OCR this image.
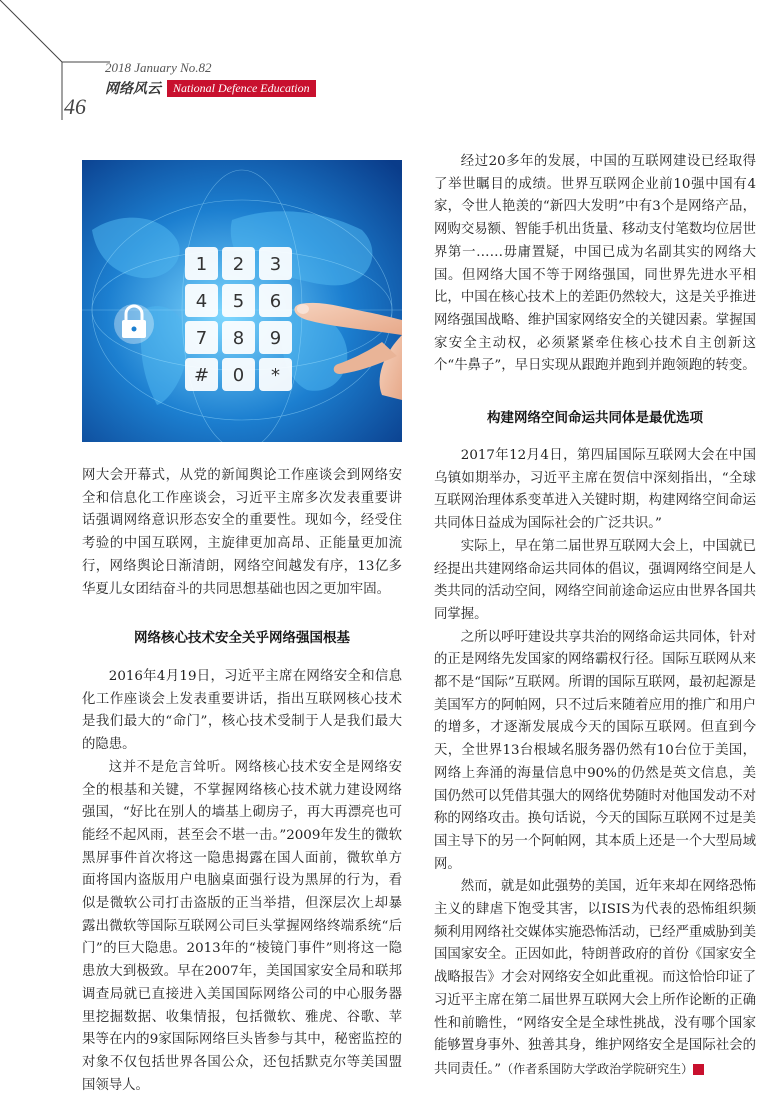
2018 January No.82
网络风云	National Defence Education
46
1 2 3
4 5 6
7 8 9
# 0 *

网大会开幕式，从党的新闻舆论工作座谈会到网络安全和信息化工作座谈会，习近平主席多次发表重要讲话强调网络意识形态安全的重要性。现如今，经受住考验的中国互联网，主旋律更加高昂、正能量更加流行，网络舆论日渐清朗，网络空间越发有序，13亿多华夏儿女团结奋斗的共同思想基础也因之更加牢固。

网络核心技术安全关乎网络强国根基

2016年4月19日，习近平主席在网络安全和信息化工作座谈会上发表重要讲话，指出互联网核心技术是我们最大的“命门”，核心技术受制于人是我们最大的隐患。

这并不是危言耸听。网络核心技术安全是网络安全的根基和关键，不掌握网络核心技术就力建设网络强国，“好比在别人的墙基上砌房子，再大再漂亮也可能经不起风雨，甚至会不堪一击。”2009年发生的微软黑屏事件首次将这一隐患揭露在国人面前，微软单方面将国内盗版用户电脑桌面强行设为黑屏的行为，看似是微软公司打击盗版的正当举措，但深层次上却暴露出微软等国际互联网公司巨头掌握网络终端系统“后门”的巨大隐患。2013年的“棱镜门事件”则将这一隐患放大到极致。早在2007年，美国国家安全局和联邦调查局就已直接进入美国国际网络公司的中心服务器里挖掘数据、收集情报，包括微软、雅虎、谷歌、苹果等在内的9家国际网络巨头皆参与其中，秘密监控的对象不仅包括世界各国公众，还包括默克尔等美国盟国领导人。

经过20多年的发展，中国的互联网建设已经取得了举世瞩目的成绩。世界互联网企业前10强中国有4家，令世人艳羡的“新四大发明”中有3个是网络产品，网购交易额、智能手机出货量、移动支付笔数均位居世界第一……毋庸置疑，中国已成为名副其实的网络大国。但网络大国不等于网络强国，同世界先进水平相比，中国在核心技术上的差距仍然较大，这是关乎推进网络强国战略、维护国家网络安全的关键因素。掌握国家安全主动权，必须紧紧牵住核心技术自主创新这个“牛鼻子”，早日实现从跟跑并跑到并跑领跑的转变。

构建网络空间命运共同体是最优选项

2017年12月4日，第四届国际互联网大会在中国乌镇如期举办，习近平主席在贺信中深刻指出，“全球互联网治理体系变革进入关键时期，构建网络空间命运共同体日益成为国际社会的广泛共识。”

实际上，早在第二届世界互联网大会上，中国就已经提出共建网络命运共同体的倡议，强调网络空间是人类共同的活动空间，网络空间前途命运应由世界各国共同掌握。

之所以呼吁建设共享共治的网络命运共同体，针对的正是网络先发国家的网络霸权行径。国际互联网从来都不是“国际”互联网。所谓的国际互联网，最初起源是美国军方的阿帕网，只不过后来随着应用的推广和用户的增多，才逐渐发展成今天的国际互联网。但直到今天，全世界13台根域名服务器仍然有10台位于美国，网络上奔涌的海量信息中90%的仍然是英文信息，美国仍然可以凭借其强大的网络优势随时对他国发动不对称的网络攻击。换句话说，今天的国际互联网不过是美国主导下的另一个阿帕网，其本质上还是一个大型局域网。

然而，就是如此强势的美国，近年来却在网络恐怖主义的肆虐下饱受其害，以ISIS为代表的恐怖组织频频利用网络社交媒体实施恐怖活动，已经严重威胁到美国国家安全。正因如此，特朗普政府的首份《国家安全战略报告》才会对网络安全如此重视。而这恰恰印证了习近平主席在第二届世界互联网大会上所作论断的正确性和前瞻性，“网络安全是全球性挑战，没有哪个国家能够置身事外、独善其身，维护网络安全是国际社会的共同责任。”（作者系国防大学政治学院研究生）	G
